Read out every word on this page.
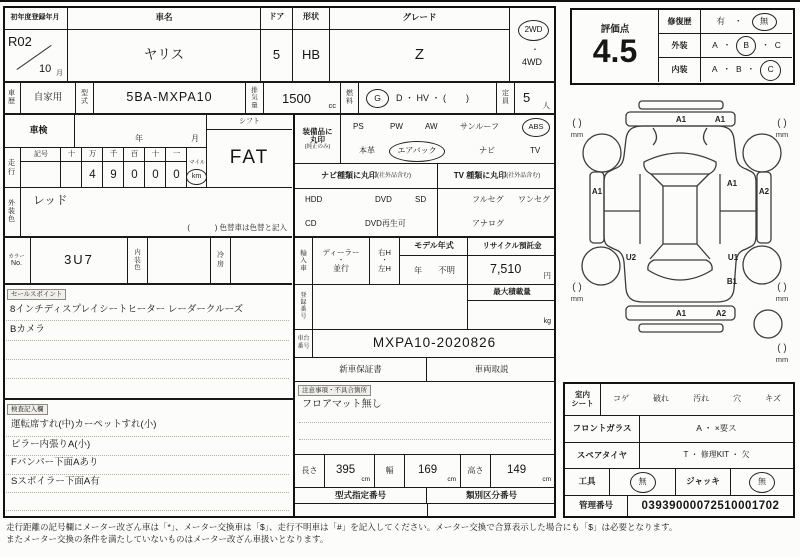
初年度登録年月	車名	ドア 形状	グレード
2WD
・
4WD
R02
10 月
ヤリス	5 HB	Z
車歴 自家用	型式	5BA-MXPA10
排気量 1500 cc
燃料	G	D ・ HV ・ (        )	定員 5
人
車検
年	月
シフト
FAT
走行
記号	十 万
4
千
9
百
0
十
0
一
0
マイル
km
外装色
レッド
(            ) 色替車は色替と記入
装備品に
丸印
(純正のみ)
PS	PW	AW	サンルーフ	ABS
本革	エアバック	ナビ	TV
ナビ種類に丸印 (社外品含む)	TV 種類に丸印 (社外品含む)
HDD	DVD	SD
CD	DVD再生可
フルセグ ワンセグ
アナログ
カラー
No.	3U7	内装色
冷房
セールスポイント
8インチディスプレイシートヒーター レーダークルーズ
Bカメラ
検査記入欄
運転席すれ(中)カーペットすれ(小)
ピラー内張りA(小)
Fバンパー下面Aあり
Sスポイラー下面A有
輸入車
ディーラー
・
並行
右H
・
左H
モデル年式
年 不明
リサイクル預託金
7,510	円
登録番号
最大積載量
kg
車台番号	MXPA10-2020826
新車保証書	車両取説
注意事項・不具合箇所
フロアマット無し
長さ 395
cm
幅 169
cm
高さ 149
cm
型式指定番号	類別区分番号
評価点
4.5
修復歴	有 ・	無
外装	A ・	B	・ C
内装	A ・ B ・	C
A1	A1
A1
A1
A2
U2	U1
B1
A1	A2
( )
mm
( )
mm
( )
mm
( )
mm
( )
mm
室内
シート コゲ	破れ	汚れ	穴	キズ
フロントガラス	A ・ ×要ス
スペアタイヤ	T ・ 修理KIT ・ 欠
工具	無	ジャッキ	無
管理番号 03939000072510001702
走行距離の記号欄にメーター改ざん車は「*」、メーター交換車は「$」、走行不明車は「#」を記入してください。メーター交換で合算表示した場合にも「$」は必要となります。
またメーター交換の条件を満たしていないものはメーター改ざん車扱いとなります。
